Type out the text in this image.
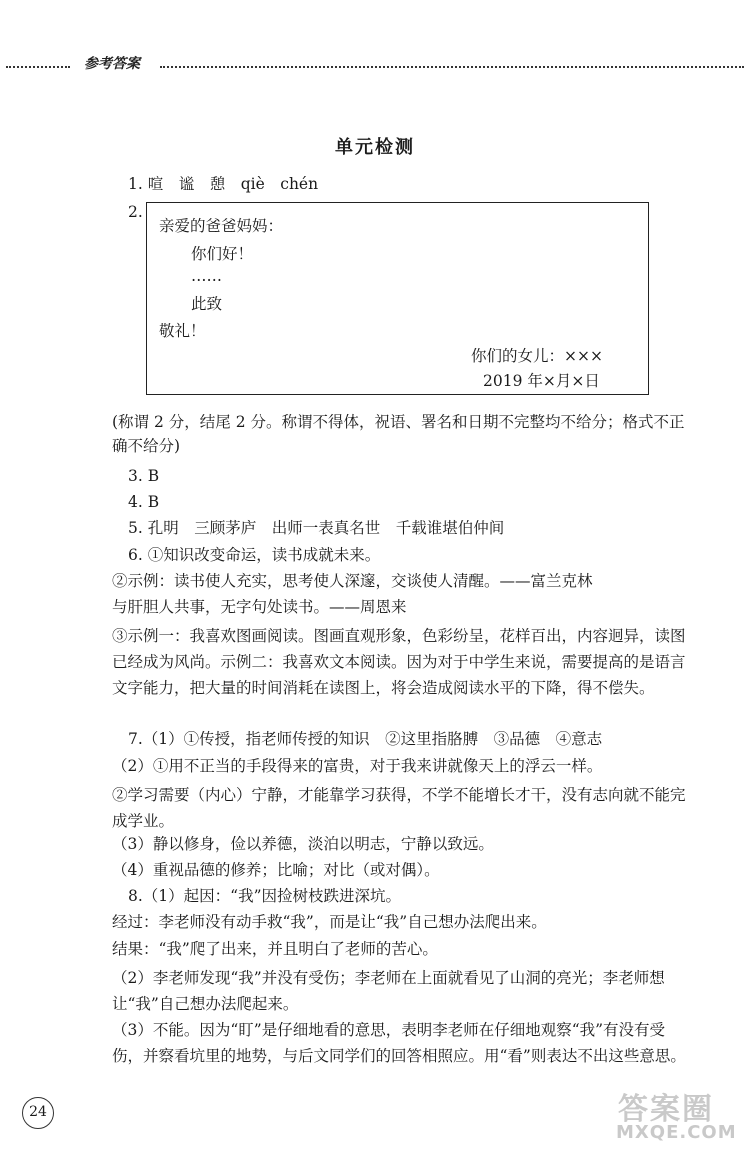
参考答案
单元检测
1. 喧　谧　憩　qiè　chén
2.
亲爱的爸爸妈妈：
你们好！
……
此致
敬礼！
你们的女儿：×××
2019 年×月×日
(称谓 2 分，结尾 2 分。称谓不得体，祝语、署名和日期不完整均不给分；格式不正确不给分)
3. B
4. B
5. 孔明　三顾茅庐　出师一表真名世　千载谁堪伯仲间
6. ①知识改变命运，读书成就未来。
②示例：读书使人充实，思考使人深邃，交谈使人清醒。——富兰克林
与肝胆人共事，无字句处读书。——周恩来
③示例一：我喜欢图画阅读。图画直观形象，色彩纷呈，花样百出，内容迥异，读图已经成为风尚。示例二：我喜欢文本阅读。因为对于中学生来说，需要提高的是语言文字能力，把大量的时间消耗在读图上，将会造成阅读水平的下降，得不偿失。
7.（1）①传授，指老师传授的知识　②这里指胳膊　③品德　④意志
（2）①用不正当的手段得来的富贵，对于我来讲就像天上的浮云一样。
②学习需要（内心）宁静，才能靠学习获得，不学不能增长才干，没有志向就不能完成学业。
（3）静以修身，俭以养德，淡泊以明志，宁静以致远。
（4）重视品德的修养；比喻；对比（或对偶）。
8.（1）起因：“我”因捡树枝跌进深坑。
经过：李老师没有动手救“我”，而是让“我”自己想办法爬出来。
结果：“我”爬了出来，并且明白了老师的苦心。
（2）李老师发现“我”并没有受伤；李老师在上面就看见了山洞的亮光；李老师想让“我”自己想办法爬起来。
（3）不能。因为“盯”是仔细地看的意思，表明李老师在仔细地观察“我”有没有受伤，并察看坑里的地势，与后文同学们的回答相照应。用“看”则表达不出这些意思。
24	答案圈
MXQE.COM
